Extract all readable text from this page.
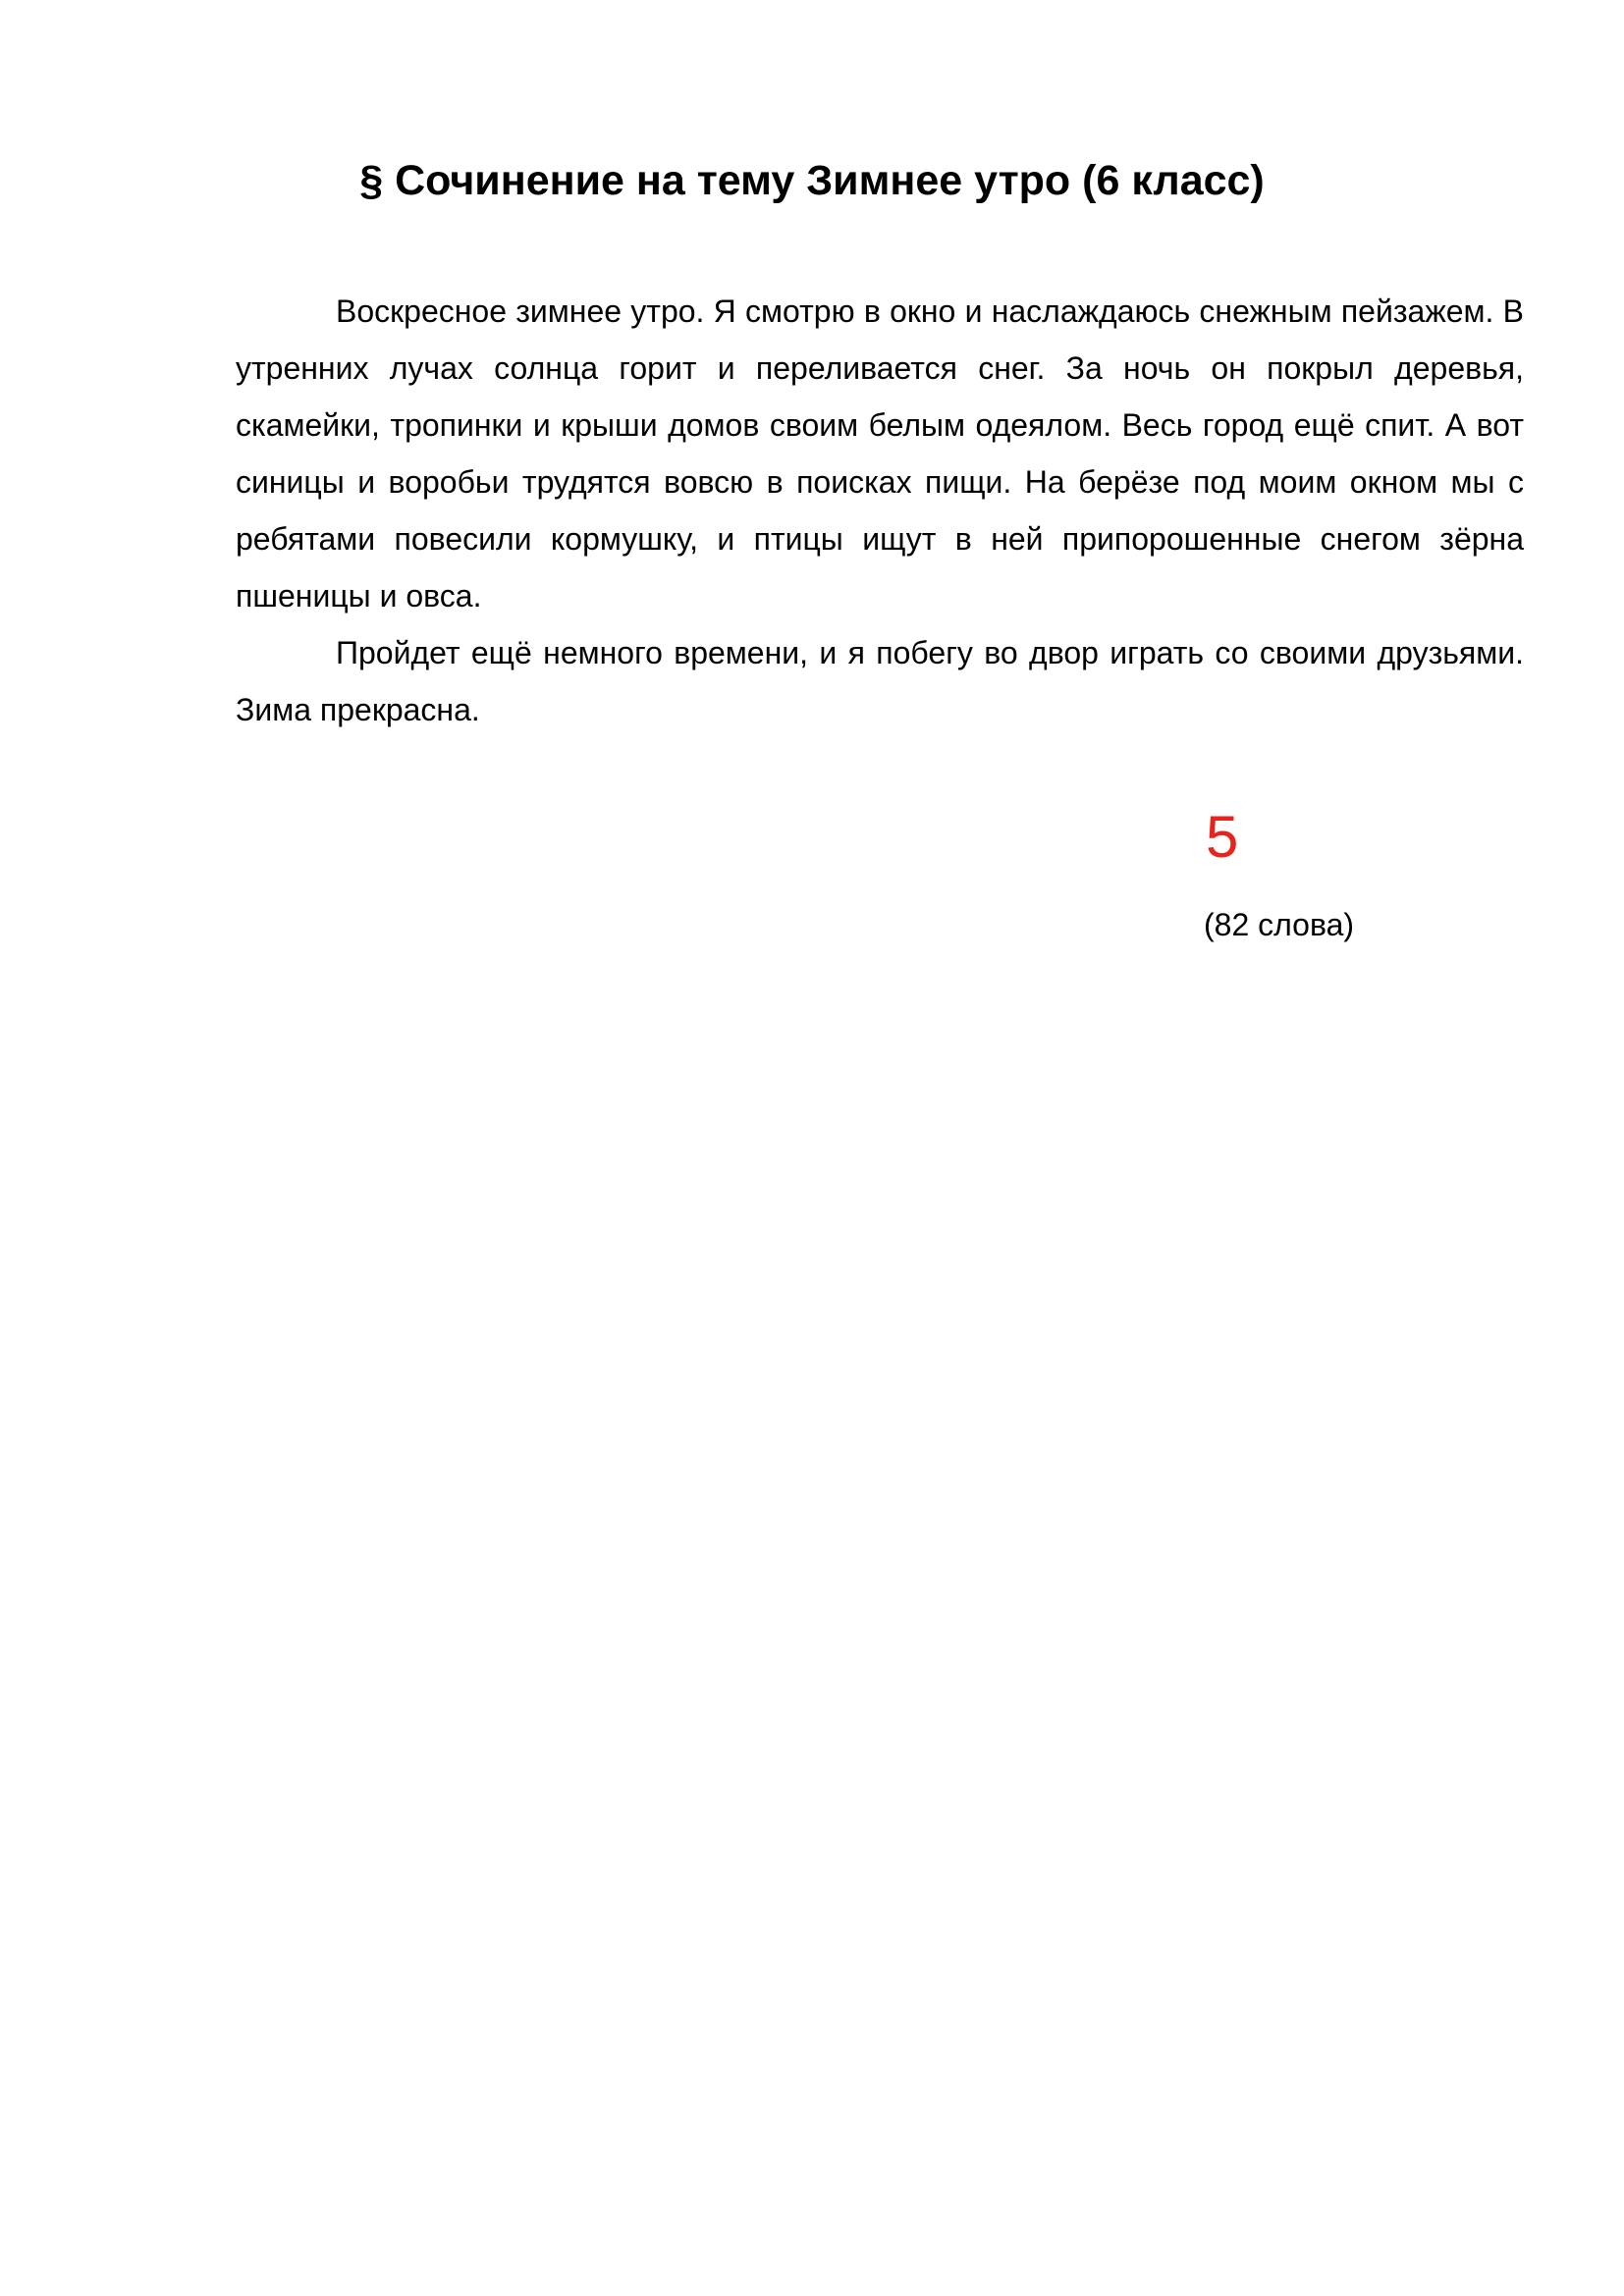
§ Сочинение на тему Зимнее утро (6 класс)

Воскресное зимнее утро. Я смотрю в окно и наслаждаюсь снежным пейзажем. В утренних лучах солнца горит и переливается снег. За ночь он покрыл деревья, скамейки, тропинки и крыши домов своим белым одеялом. Весь город ещё спит. А вот синицы и воробьи трудятся вовсю в поисках пищи. На берёзе под моим окном мы с ребятами повесили кормушку, и птицы ищут в ней припорошенные снегом зёрна пшеницы и овса.

Пройдет ещё немного времени, и я побегу во двор играть со своими друзьями. Зима прекрасна.

5
(82 слова)
